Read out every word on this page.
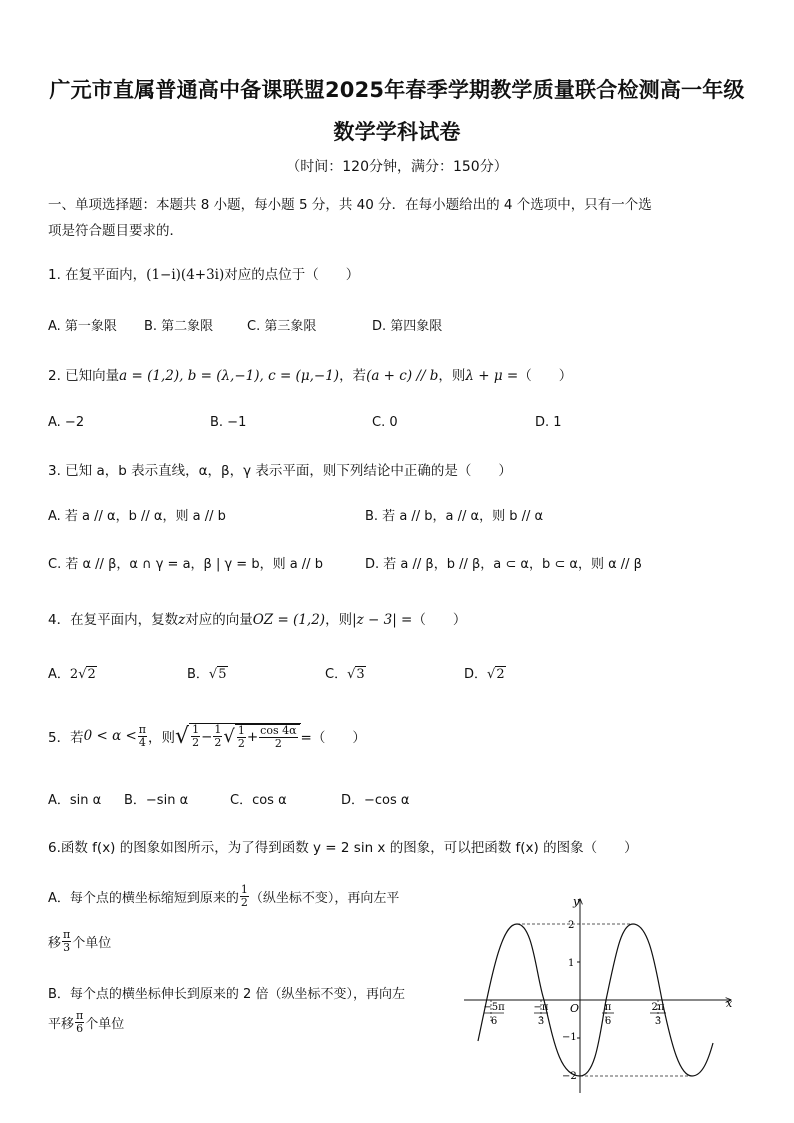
广元市直属普通高中备课联盟2025年春季学期教学质量联合检测高一年级
数学学科试卷
（时间：120分钟，满分：150分）
一、单项选择题：本题共 8 小题，每小题 5 分，共 40 分．在每小题给出的 4 个选项中，只有一个选
项是符合题目要求的．
1. 在复平面内，(1−i)(4+3i)对应的点位于（　　）
A. 第一象限 B. 第二象限	C. 第三象限	D. 第四象限
2. 已知向量a = (1,2), b = (λ,−1), c = (μ,−1)，若(a + c) // b，则λ + μ =（　　）
A. −2	B. −1	C. 0	D. 1
3. 已知 a，b 表示直线，α，β，γ 表示平面，则下列结论中正确的是（　　）
A. 若 a // α，b // α，则 a // b	B. 若 a // b，a // α，则 b // α
C. 若 α // β，α ∩ γ = a，β | γ = b，则 a // b	D. 若 a // β，b // β，a ⊂ α，b ⊂ α，则 α // β
4．在复平面内，复数z对应的向量OZ = (1,2)，则|z − 3| =（　　）
A．2√2	B．√5	C．√3	D．√2
5．若 $0 < \alpha < \frac{\pi}{4}$ ，则 √ $\frac{1}{2} - \frac{1}{2}$ √ $\frac{1}{2} + \frac{\cos 4\alpha}{2}$ =（　　）
A．sin α B．−sin α	C．cos α	D．−cos α
6.函数 f(x) 的图象如图所示，为了得到函数 y = 2 sin x 的图象，可以把函数 f(x) 的图象（　　）
A．每个点的横坐标缩短到原来的 $\frac{1}{2}$ （纵坐标不变），再向左平
移 $\frac{\pi}{3}$ 个单位
B．每个点的横坐标伸长到原来的 2 倍（纵坐标不变），再向左
平移 $\frac{\pi}{6}$ 个单位
x
y
O
2
1
−1
−2
−5π
6
−π
3
π
6
2π
3
